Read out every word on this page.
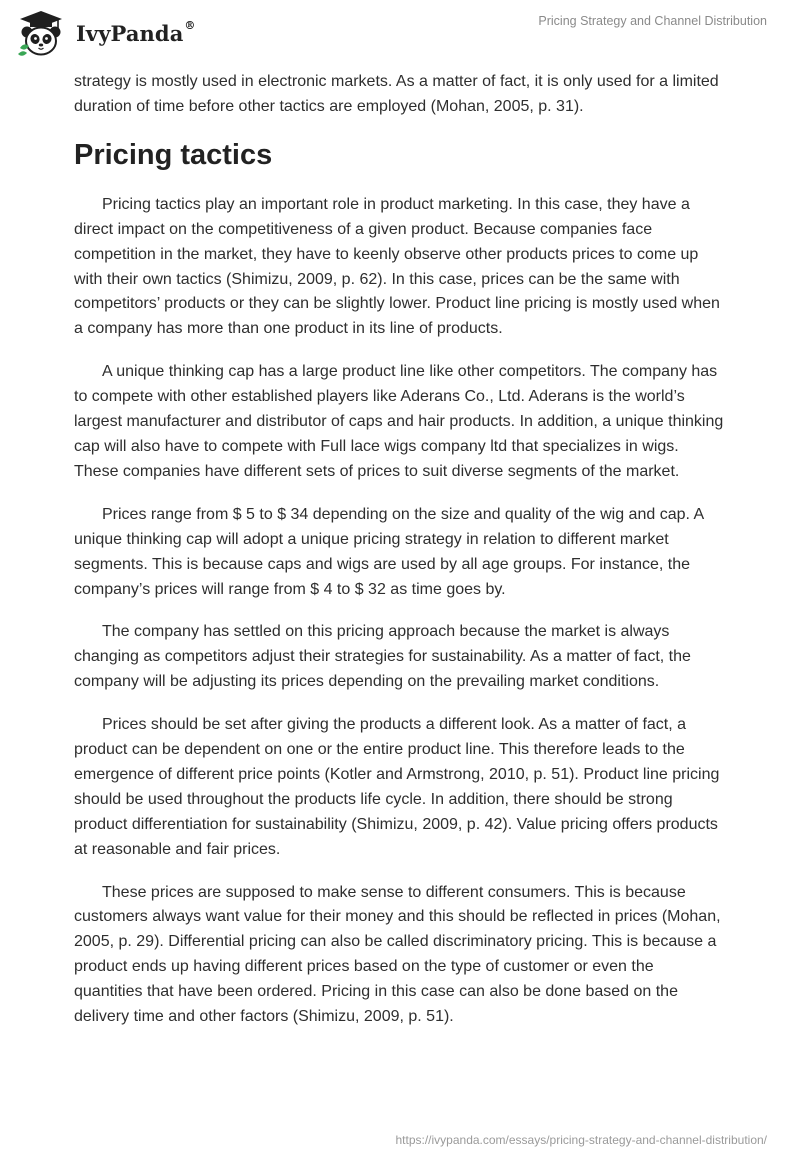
IvyPanda®	Pricing Strategy and Channel Distribution

strategy is mostly used in electronic markets. As a matter of fact, it is only used for a limited duration of time before other tactics are employed (Mohan, 2005, p. 31).

Pricing tactics

Pricing tactics play an important role in product marketing. In this case, they have a direct impact on the competitiveness of a given product. Because companies face competition in the market, they have to keenly observe other products prices to come up with their own tactics (Shimizu, 2009, p. 62). In this case, prices can be the same with competitors’ products or they can be slightly lower. Product line pricing is mostly used when a company has more than one product in its line of products.

A unique thinking cap has a large product line like other competitors. The company has to compete with other established players like Aderans Co., Ltd. Aderans is the world’s largest manufacturer and distributor of caps and hair products. In addition, a unique thinking cap will also have to compete with Full lace wigs company ltd that specializes in wigs. These companies have different sets of prices to suit diverse segments of the market.

Prices range from $ 5 to $ 34 depending on the size and quality of the wig and cap. A unique thinking cap will adopt a unique pricing strategy in relation to different market segments. This is because caps and wigs are used by all age groups. For instance, the company’s prices will range from $ 4 to $ 32 as time goes by.

The company has settled on this pricing approach because the market is always changing as competitors adjust their strategies for sustainability. As a matter of fact, the company will be adjusting its prices depending on the prevailing market conditions.

Prices should be set after giving the products a different look. As a matter of fact, a product can be dependent on one or the entire product line. This therefore leads to the emergence of different price points (Kotler and Armstrong, 2010, p. 51). Product line pricing should be used throughout the products life cycle. In addition, there should be strong product differentiation for sustainability (Shimizu, 2009, p. 42). Value pricing offers products at reasonable and fair prices.

These prices are supposed to make sense to different consumers. This is because customers always want value for their money and this should be reflected in prices (Mohan, 2005, p. 29). Differential pricing can also be called discriminatory pricing. This is because a product ends up having different prices based on the type of customer or even the quantities that have been ordered. Pricing in this case can also be done based on the delivery time and other factors (Shimizu, 2009, p. 51).

https://ivypanda.com/essays/pricing-strategy-and-channel-distribution/
